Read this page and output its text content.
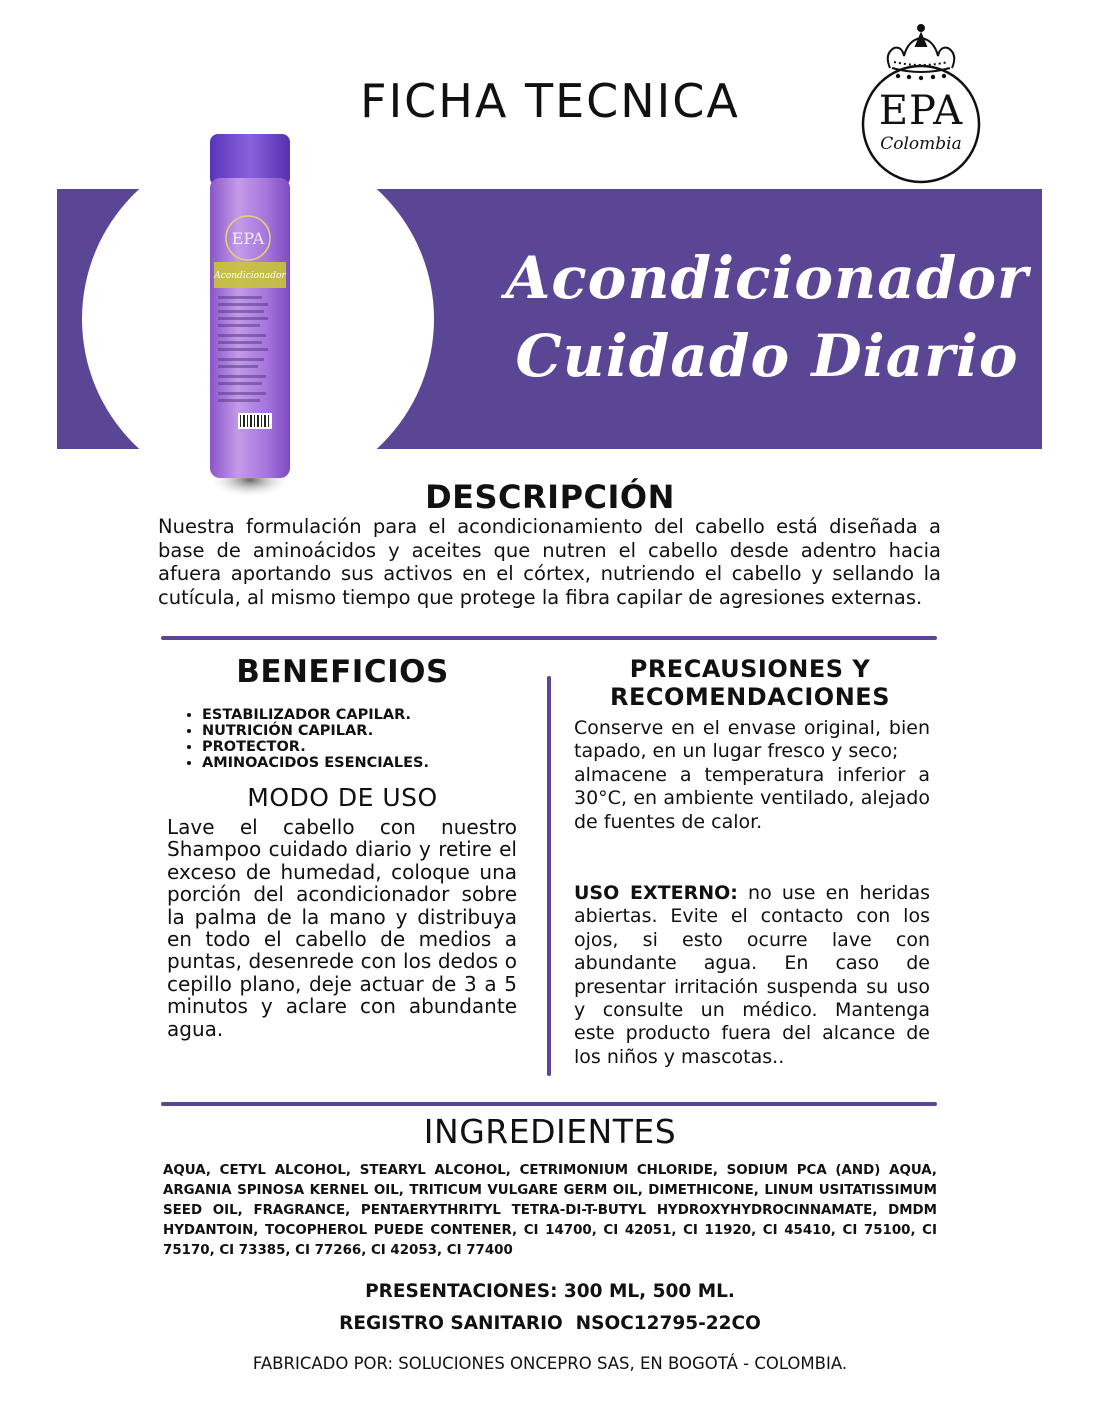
FICHA TECNICA	EPA
Colombia
Acondicionador
Cuidado Diario
EPA
Acondicionador
DESCRIPCIÓN
Nuestra formulación para el acondicionamiento del cabello está diseñada a base de aminoácidos y aceites que nutren el cabello desde adentro hacia afuera aportando sus activos en el córtex, nutriendo el cabello y sellando la cutícula, al mismo tiempo que protege la fibra capilar de agresiones externas.
BENEFICIOS
• ESTABILIZADOR CAPILAR.
• NUTRICIÓN CAPILAR.
• PROTECTOR.
• AMINOACIDOS ESENCIALES.
MODO DE USO
Lave el cabello con nuestro Shampoo cuidado diario y retire el exceso de humedad, coloque una porción del acondicionador sobre la palma de la mano y distribuya en todo el cabello de medios a puntas, desenrede con los dedos o cepillo plano, deje actuar de 3 a 5 minutos y aclare con abundante agua.
PRECAUSIONES Y
RECOMENDACIONES
Conserve en el envase original, bien tapado, en un lugar fresco y seco;
almacene a temperatura inferior a 30°C, en ambiente ventilado, alejado de fuentes de calor.
USO EXTERNO: no use en heridas abiertas. Evite el contacto con los ojos, si esto ocurre lave con abundante agua. En caso de presentar irritación suspenda su uso y consulte un médico. Mantenga este producto fuera del alcance de los niños y mascotas..
INGREDIENTES
AQUA, CETYL ALCOHOL, STEARYL ALCOHOL, CETRIMONIUM CHLORIDE, SODIUM PCA (AND) AQUA, ARGANIA SPINOSA KERNEL OIL, TRITICUM VULGARE GERM OIL, DIMETHICONE, LINUM USITATISSIMUM SEED OIL, FRAGRANCE, PENTAERYTHRITYL TETRA-DI-T-BUTYL HYDROXYHYDROCINNAMATE, DMDM HYDANTOIN, TOCOPHEROL PUEDE CONTENER, CI 14700, CI 42051, CI 11920, CI 45410, CI 75100, CI 75170, CI 73385, CI 77266, CI 42053, CI 77400
PRESENTACIONES: 300 ML, 500 ML.
REGISTRO SANITARIO  NSOC12795-22CO
FABRICADO POR: SOLUCIONES ONCEPRO SAS, EN BOGOTÁ - COLOMBIA.
